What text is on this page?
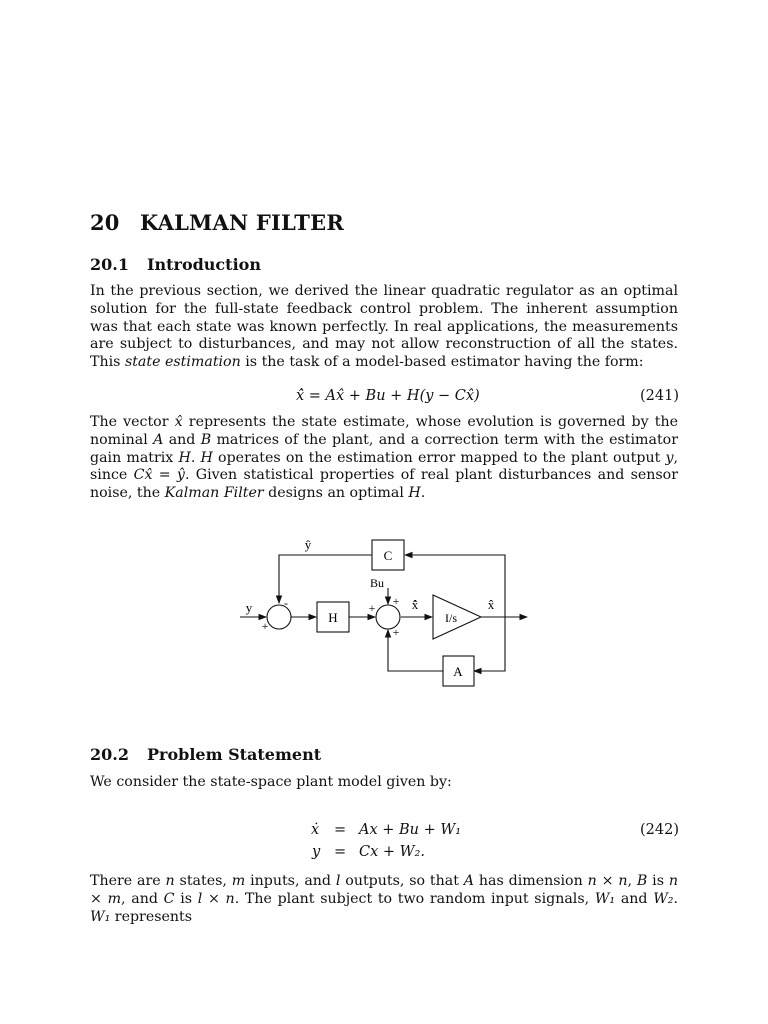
20 KALMAN FILTER
20.1 Introduction

In the previous section, we derived the linear quadratic regulator as an optimal solution for the full-state feedback control problem. The inherent assumption was that each state was known perfectly. In real applications, the measurements are subject to disturbances, and may not allow reconstruction of all the states. This state estimation is the task of a model-based estimator having the form:

x̂̇ = Ax̂ + Bu + H(y − Cx̂)	(241)

The vector x̂ represents the state estimate, whose evolution is governed by the nominal A and B matrices of the plant, and a correction term with the estimator gain matrix H. H operates on the estimation error mapped to the plant output y, since Cx̂ = ŷ. Given statistical properties of real plant disturbances and sensor noise, the Kalman Filter designs an optimal H.

C
H
A
I/s
ŷ
Bu
y	-
+
+ +
+
x̂̇	x̂
20.2 Problem Statement

We consider the state-space plant model given by:

ẋ = Ax + Bu + W₁
y = Cx + W₂.
(242)

There are n states, m inputs, and l outputs, so that A has dimension n × n, B is n × m, and C is l × n. The plant subject to two random input signals, W₁ and W₂. W₁ represents
